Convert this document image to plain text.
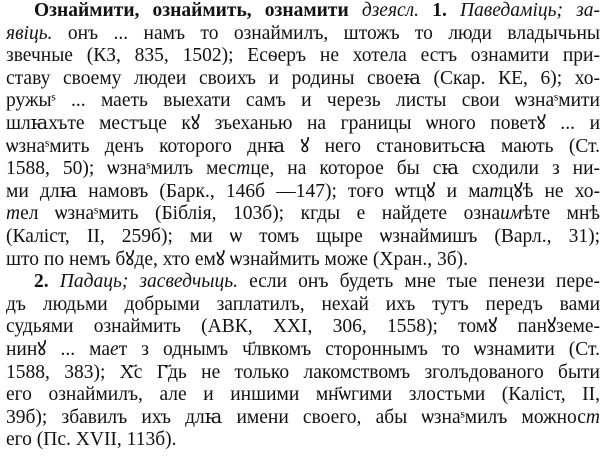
Ознаймити, ознаймить, ознамити дзеясл. 1. Паведаміць; за-
явіць. онъ ... намъ то ознаймилъ, штожъ то люди владычьны
звечные (КЗ, 835, 1502); Есѳеръ не хотела естъ ознамити при-
ставу своему людеи своихъ и родины своеꙗ (Скар. КЕ, 6); хо-
ружыˢ ... маеть выехати самъ и черезь листы свои ѡзнаˢмити
шлꙗхъте местъце кꙋ зъеханью на границы ѡного поветꙋ ... и
ѡзнаˢмить денъ которого днꙗ ꙋ него становитьсꙗ мають (Ст.
1588, 50); ѡзнаˢмилъ местце, на которое бы сꙗ сходили з ни-
ми длꙗ намовъ (Барк., 146б —147); тоғо ѡтцꙋ и матцꙋѣ не хо-
тел ѡзнаˢмить (Біблія, 103б); кгды е найдете ознаимѣте мнѣ
(Каліст, II, 259б); ми ѡ томъ щыре ѡзнаймишъ (Варл., 31);
што по немъ бꙋде, хто емꙋ ѡзнаймить може (Хран., 3б).
2. Падаць; засведчыць. если онъ будеть мне тые пенези пере-
дъ людьми добрыми заплатилъ, нехай ихъ тутъ передъ вами
судьями ознаймить (АВК, XXI, 306, 1558); томꙋ панꙋземе-
нинꙋ ... мает з однымъ ч҃лвкомъ стороннымъ то ѡзнамити (Ст.
1588, 383); Х҃с Г҃дь не только лакомствомъ зголъдованого быти
его ознаймилъ, але и иншими мн҃ѡгими злостьми (Каліст, II,
39б); збавилъ ихъ длꙗ имени своего, абы ѡзнаˢмилъ можност
его (Пс. XVII, 113б).
